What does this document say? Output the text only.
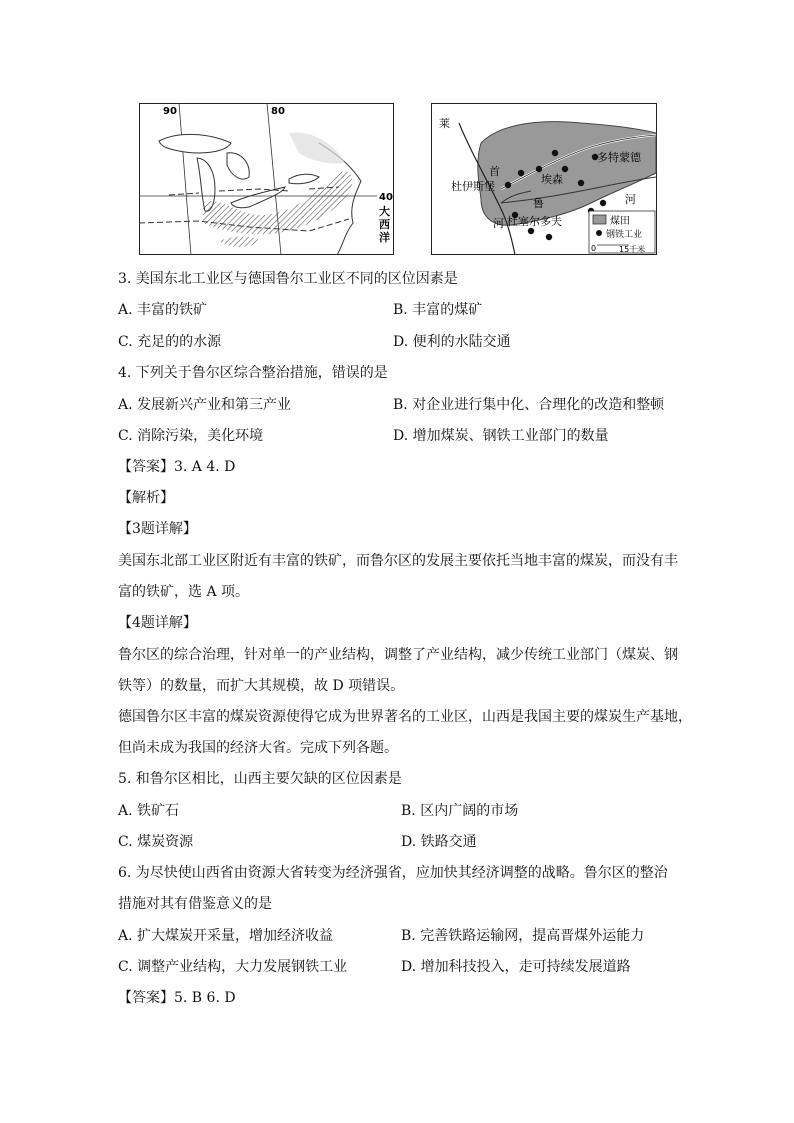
90	80
40
大
西
洋
莱
首
多特蒙德
杜伊斯堡
埃森
鲁
河
河
杜塞尔多夫	煤田
钢铁工业
0	15千米
3. 美国东北工业区与德国鲁尔工业区不同的区位因素是
A. 丰富的铁矿	B. 丰富的煤矿
C. 充足的的水源	D. 便利的水陆交通
4. 下列关于鲁尔区综合整治措施，错误的是
A. 发展新兴产业和第三产业	B. 对企业进行集中化、合理化的改造和整顿
C. 消除污染，美化环境	D. 增加煤炭、钢铁工业部门的数量
【答案】3. A 4. D
【解析】
【3题详解】
美国东北部工业区附近有丰富的铁矿，而鲁尔区的发展主要依托当地丰富的煤炭，而没有丰
富的铁矿，选 A 项。
【4题详解】
鲁尔区的综合治理，针对单一的产业结构，调整了产业结构，减少传统工业部门（煤炭、钢
铁等）的数量，而扩大其规模，故 D 项错误。
德国鲁尔区丰富的煤炭资源使得它成为世界著名的工业区，山西是我国主要的煤炭生产基地，
但尚未成为我国的经济大省。完成下列各题。
5. 和鲁尔区相比，山西主要欠缺的区位因素是
A. 铁矿石	B. 区内广阔的市场
C. 煤炭资源	D. 铁路交通
6. 为尽快使山西省由资源大省转变为经济强省，应加快其经济调整的战略。鲁尔区的整治
措施对其有借鉴意义的是
A. 扩大煤炭开采量，增加经济收益	B. 完善铁路运输网，提高晋煤外运能力
C. 调整产业结构，大力发展钢铁工业	D. 增加科技投入，走可持续发展道路
【答案】5. B 6. D
